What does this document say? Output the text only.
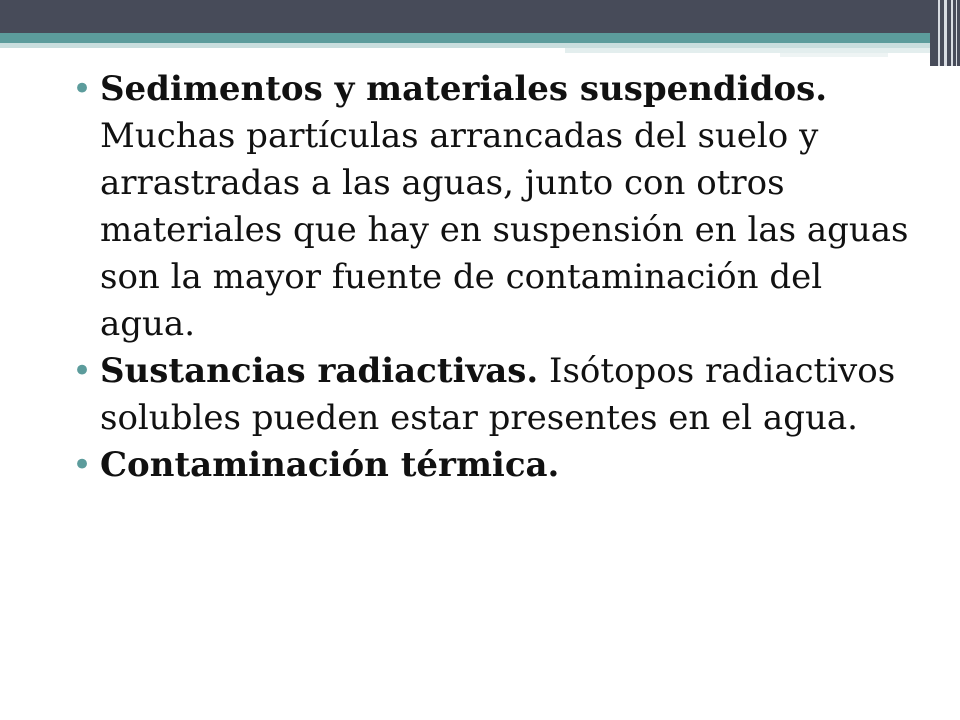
• Sedimentos y materiales suspendidos. Muchas partículas arrancadas del suelo y arrastradas a las aguas, junto con otros materiales que hay en suspensión en las aguas son la mayor fuente de contaminación del agua.
• Sustancias radiactivas. Isótopos radiactivos solubles pueden estar presentes en el agua.
• Contaminación térmica.
